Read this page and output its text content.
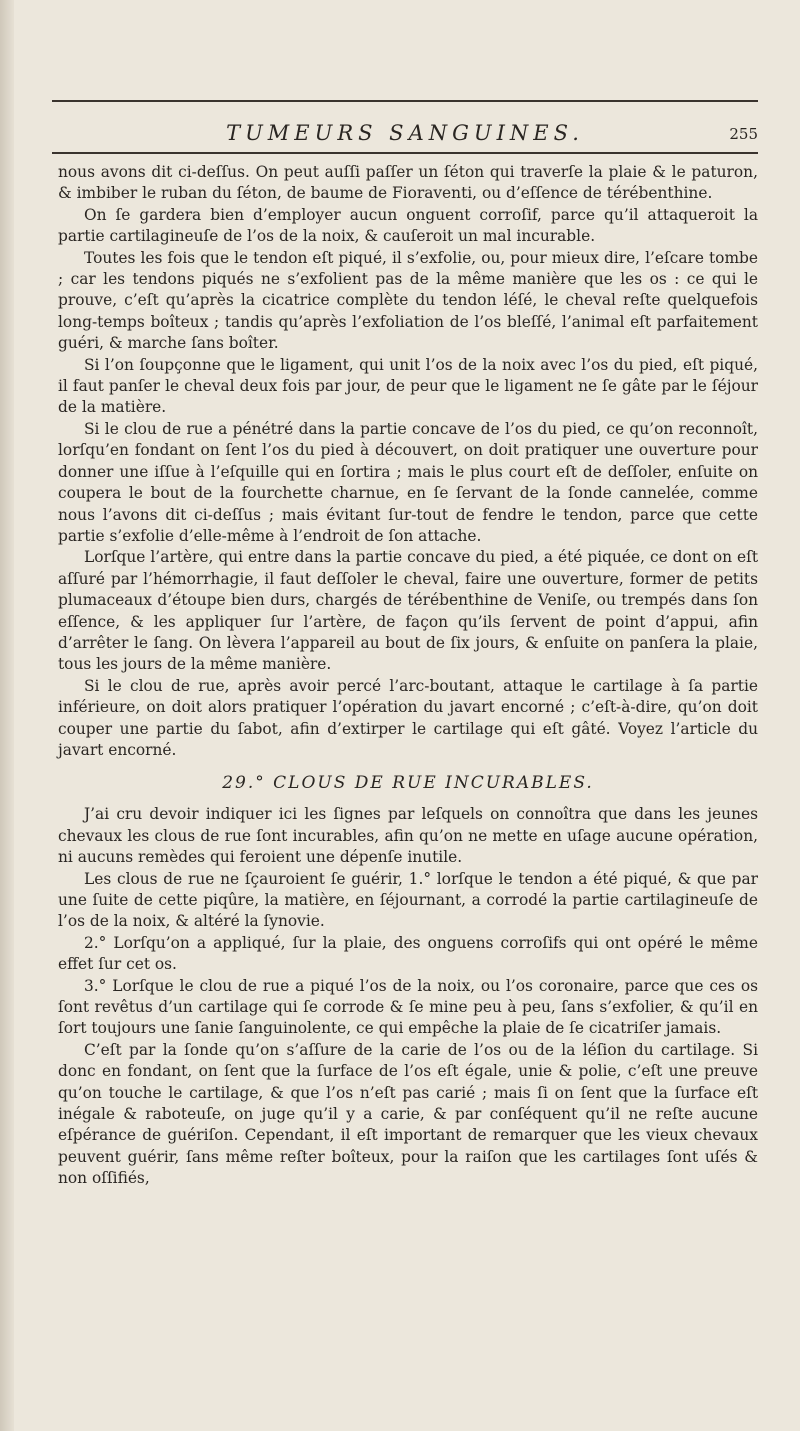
TUMEURS SANGUINES.	255

nous avons dit ci-deſſus. On peut auſſi paſſer un ſéton qui traverſe la plaie & le paturon, & imbiber le ruban du ſéton, de baume de Fioraventi, ou d’eſſence de térébenthine.

On ſe gardera bien d’employer aucun onguent corroſif, parce qu’il attaqueroit la partie cartilagineuſe de l’os de la noix, & cauſeroit un mal incurable.

Toutes les fois que le tendon eſt piqué, il s’exfolie, ou, pour mieux dire, l’eſcare tombe ; car les tendons piqués ne s’exfolient pas de la même manière que les os : ce qui le prouve, c’eſt qu’après la cicatrice complète du tendon léſé, le cheval reſte quelquefois long-temps boîteux ; tandis qu’après l’exfoliation de l’os bleſſé, l’animal eſt parfaitement guéri, & marche ſans boîter.

Si l’on ſoupçonne que le ligament, qui unit l’os de la noix avec l’os du pied, eſt piqué, il faut panſer le cheval deux fois par jour, de peur que le ligament ne ſe gâte par le ſéjour de la matière.

Si le clou de rue a pénétré dans la partie concave de l’os du pied, ce qu’on reconnoît, lorſqu’en fondant on ſent l’os du pied à découvert, on doit pratiquer une ouverture pour donner une iſſue à l’eſquille qui en ſortira ; mais le plus court eſt de deſſoler, enſuite on coupera le bout de la fourchette charnue, en ſe ſervant de la ſonde cannelée, comme nous l’avons dit ci-deſſus ; mais évitant ſur-tout de fendre le tendon, parce que cette partie s’exfolie d’elle-même à l’endroit de ſon attache.

Lorſque l’artère, qui entre dans la partie concave du pied, a été piquée, ce dont on eſt aſſuré par l’hémorrhagie, il faut deſſoler le cheval, faire une ouverture, former de petits plumaceaux d’étoupe bien durs, chargés de térébenthine de Veniſe, ou trempés dans ſon eſſence, & les appliquer ſur l’artère, de façon qu’ils ſervent de point d’appui, afin d’arrêter le ſang. On lèvera l’appareil au bout de ſix jours, & enſuite on panſera la plaie, tous les jours de la même manière.

Si le clou de rue, après avoir percé l’arc-boutant, attaque le cartilage à ſa partie inférieure, on doit alors pratiquer l’opération du javart encorné ; c’eſt-à-dire, qu’on doit couper une partie du ſabot, afin d’extirper le cartilage qui eſt gâté. Voyez l’article du javart encorné.

29.° CLOUS DE RUE INCURABLES.

J’ai cru devoir indiquer ici les ſignes par leſquels on connoîtra que dans les jeunes chevaux les clous de rue ſont incurables, afin qu’on ne mette en uſage aucune opération, ni aucuns remèdes qui feroient une dépenſe inutile.

Les clous de rue ne ſçauroient ſe guérir, 1.° lorſque le tendon a été piqué, & que par une ſuite de cette piqûre, la matière, en ſéjournant, a corrodé la partie cartilagineuſe de l’os de la noix, & altéré la ſynovie.

2.° Lorſqu’on a appliqué, ſur la plaie, des onguens corroſifs qui ont opéré le même effet ſur cet os.

3.° Lorſque le clou de rue a piqué l’os de la noix, ou l’os coronaire, parce que ces os ſont revêtus d’un cartilage qui ſe corrode & ſe mine peu à peu, ſans s’exfolier, & qu’il en ſort toujours une ſanie ſanguinolente, ce qui empêche la plaie de ſe cicatriſer jamais.

C’eſt par la ſonde qu’on s’aſſure de la carie de l’os ou de la léſion du cartilage. Si donc en fondant, on ſent que la ſurface de l’os eſt égale, unie & polie, c’eſt une preuve qu’on touche le cartilage, & que l’os n’eſt pas carié ; mais ſi on ſent que la ſurface eſt inégale & raboteuſe, on juge qu’il y a carie, & par conſéquent qu’il ne reſte aucune eſpérance de guériſon. Cependant, il eſt important de remarquer que les vieux chevaux peuvent guérir, ſans même reſter boîteux, pour la raiſon que les cartilages ſont uſés & non oſſifiés,
